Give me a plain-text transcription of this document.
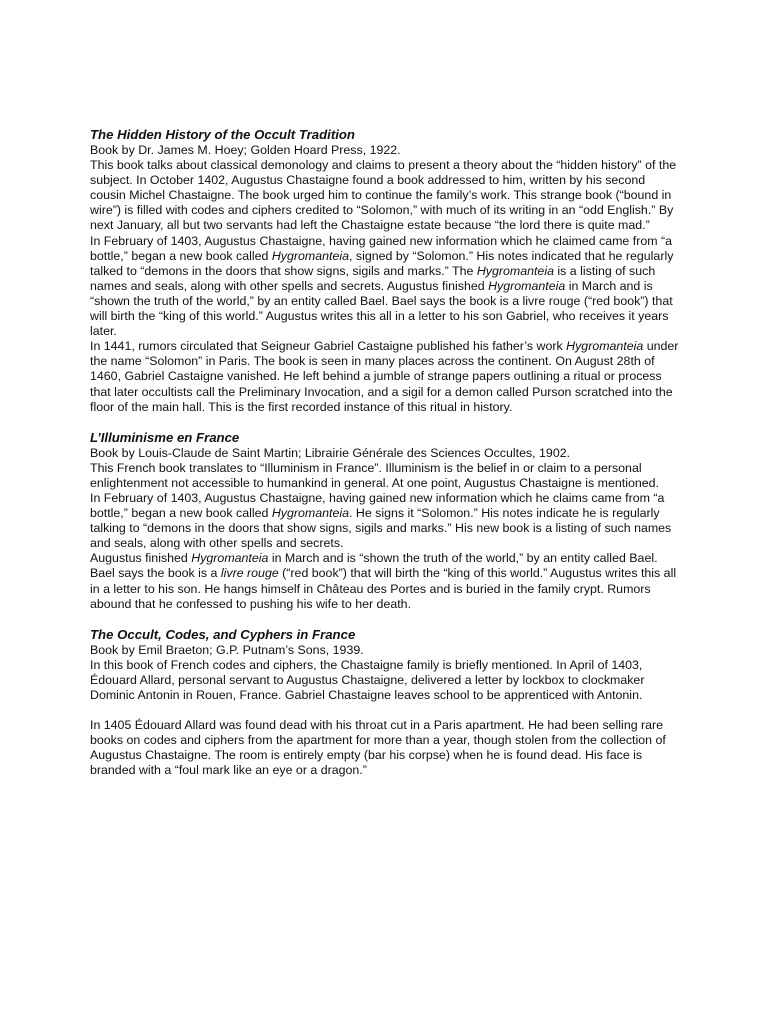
The Hidden History of the Occult Tradition

Book by Dr. James M. Hoey; Golden Hoard Press, 1922.

This book talks about classical demonology and claims to present a theory about the “hidden history” of the subject. In October 1402, Augustus Chastaigne found a book addressed to him, written by his second cousin Michel Chastaigne. The book urged him to continue the family’s work. This strange book (“bound in wire”) is filled with codes and ciphers credited to “Solomon,” with much of its writing in an “odd English.” By next January, all but two servants had left the Chastaigne estate because “the lord there is quite mad.”

In February of 1403, Augustus Chastaigne, having gained new information which he claimed came from “a bottle,” began a new book called Hygromanteia, signed by “Solomon.” His notes indicated that he regularly talked to “demons in the doors that show signs, sigils and marks.” The Hygromanteia is a listing of such names and seals, along with other spells and secrets. Augustus finished Hygromanteia in March and is “shown the truth of the world,” by an entity called Bael. Bael says the book is a livre rouge (“red book”) that will birth the “king of this world.” Augustus writes this all in a letter to his son Gabriel, who receives it years later.

In 1441, rumors circulated that Seigneur Gabriel Castaigne published his father’s work Hygromanteia under the name “Solomon” in Paris. The book is seen in many places across the continent. On August 28th of 1460, Gabriel Castaigne vanished. He left behind a jumble of strange papers outlining a ritual or process that later occultists call the Preliminary Invocation, and a sigil for a demon called Purson scratched into the floor of the main hall. This is the first recorded instance of this ritual in history.

L’Illuminisme en France

Book by Louis-Claude de Saint Martin; Librairie Générale des Sciences Occultes, 1902.

This French book translates to “Illuminism in France”. Illuminism is the belief in or claim to a personal enlightenment not accessible to humankind in general. At one point, Augustus Chastaigne is mentioned.

In February of 1403, Augustus Chastaigne, having gained new information which he claims came from “a bottle,” began a new book called Hygromanteia. He signs it “Solomon.” His notes indicate he is regularly talking to “demons in the doors that show signs, sigils and marks.” His new book is a listing of such names and seals, along with other spells and secrets.

Augustus finished Hygromanteia in March and is “shown the truth of the world,” by an entity called Bael. Bael says the book is a livre rouge (“red book”) that will birth the “king of this world.” Augustus writes this all in a letter to his son. He hangs himself in Château des Portes and is buried in the family crypt. Rumors abound that he confessed to pushing his wife to her death.

The Occult, Codes, and Cyphers in France

Book by Emil Braeton; G.P. Putnam’s Sons, 1939.

In this book of French codes and ciphers, the Chastaigne family is briefly mentioned. In April of 1403, Édouard Allard, personal servant to Augustus Chastaigne, delivered a letter by lockbox to clockmaker Dominic Antonin in Rouen, France. Gabriel Chastaigne leaves school to be apprenticed with Antonin.

In 1405 Édouard Allard was found dead with his throat cut in a Paris apartment. He had been selling rare books on codes and ciphers from the apartment for more than a year, though stolen from the collection of Augustus Chastaigne. The room is entirely empty (bar his corpse) when he is found dead. His face is branded with a “foul mark like an eye or a dragon.”
